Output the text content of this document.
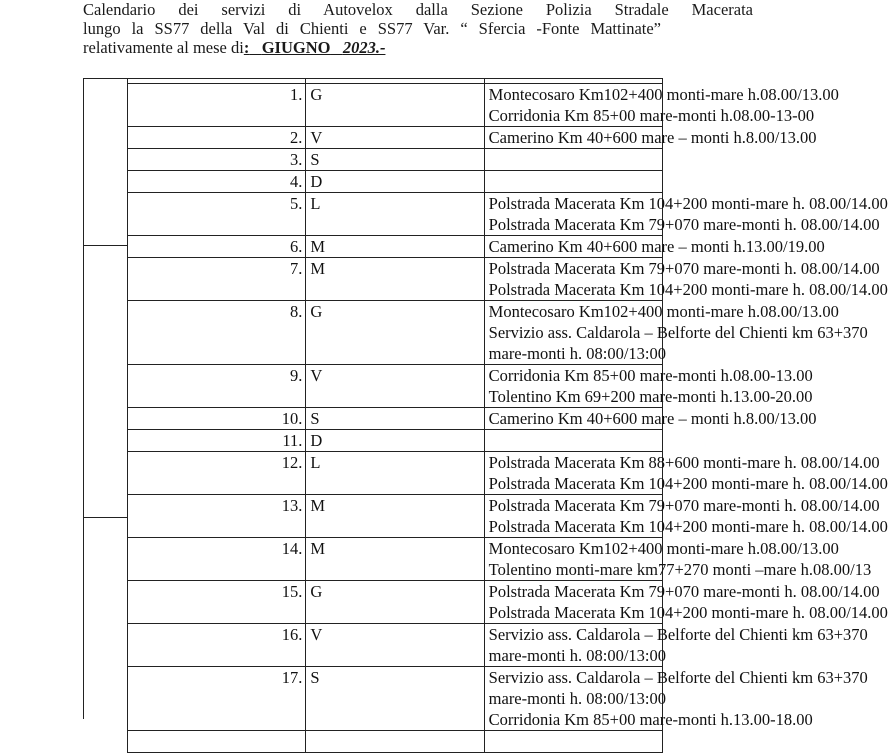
Calendario dei servizi di Autovelox dalla Sezione Polizia Stradale Macerata
lungo la SS77 della Val di Chienti e SS77 Var. “ Sfercia -Fonte Mattinate”
relativamente al mese di: GIUGNO 2023.-

1.	G	Montecosaro Km102+400 monti-mare h.08.00/13.00
Corridonia Km 85+00 mare-monti h.08.00-13-00

2.	V	Camerino Km 40+600 mare – monti h.8.00/13.00

3.	S	
4.	D	
5.	L	Polstrada Macerata Km 104+200 monti-mare h. 08.00/14.00
Polstrada Macerata Km 79+070 mare-monti h. 08.00/14.00

6.	M	Camerino Km 40+600 mare – monti h.13.00/19.00

7.	M	Polstrada Macerata Km 79+070 mare-monti h. 08.00/14.00
Polstrada Macerata Km 104+200 monti-mare h. 08.00/14.00

8.	G	Montecosaro Km102+400 monti-mare h.08.00/13.00
Servizio ass. Caldarola – Belforte del Chienti km 63+370
mare-monti h. 08:00/13:00

9.	V	Corridonia Km 85+00 mare-monti h.08.00-13.00
Tolentino Km 69+200 mare-monti h.13.00-20.00

10.	S	Camerino Km 40+600 mare – monti h.8.00/13.00

11.	D	
12.	L	Polstrada Macerata Km 88+600 monti-mare h. 08.00/14.00
Polstrada Macerata Km 104+200 monti-mare h. 08.00/14.00

13.	M	Polstrada Macerata Km 79+070 mare-monti h. 08.00/14.00
Polstrada Macerata Km 104+200 monti-mare h. 08.00/14.00

14.	M	Montecosaro Km102+400 monti-mare h.08.00/13.00
Tolentino monti-mare km77+270 monti –mare h.08.00/13

15.	G	Polstrada Macerata Km 79+070 mare-monti h. 08.00/14.00
Polstrada Macerata Km 104+200 monti-mare h. 08.00/14.00

16.	V	Servizio ass. Caldarola – Belforte del Chienti km 63+370
mare-monti h. 08:00/13:00

17.	S	Servizio ass. Caldarola – Belforte del Chienti km 63+370
mare-monti h. 08:00/13:00
Corridonia Km 85+00 mare-monti h.13.00-18.00
